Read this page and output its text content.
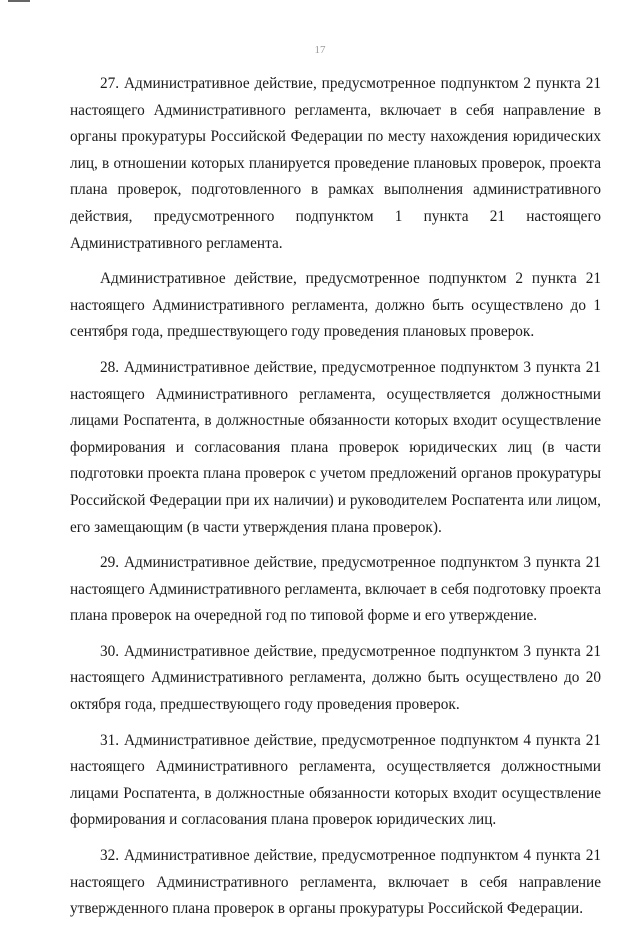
17

27. Административное действие, предусмотренное подпунктом 2 пункта 21 настоящего Административного регламента, включает в себя направление в органы прокуратуры Российской Федерации по месту нахождения юридических лиц, в отношении которых планируется проведение плановых проверок, проекта плана проверок, подготовленного в рамках выполнения административного действия, предусмотренного подпунктом 1 пункта 21 настоящего Административного регламента.

Административное действие, предусмотренное подпунктом 2 пункта 21 настоящего Административного регламента, должно быть осуществлено до 1 сентября года, предшествующего году проведения плановых проверок.

28. Административное действие, предусмотренное подпунктом 3 пункта 21 настоящего Административного регламента, осуществляется должностными лицами Роспатента, в должностные обязанности которых входит осуществление формирования и согласования плана проверок юридических лиц (в части подготовки проекта плана проверок с учетом предложений органов прокуратуры Российской Федерации при их наличии) и руководителем Роспатента или лицом, его замещающим (в части утверждения плана проверок).

29. Административное действие, предусмотренное подпунктом 3 пункта 21 настоящего Административного регламента, включает в себя подготовку проекта плана проверок на очередной год по типовой форме и его утверждение.

30. Административное действие, предусмотренное подпунктом 3 пункта 21 настоящего Административного регламента, должно быть осуществлено до 20 октября года, предшествующего году проведения проверок.

31. Административное действие, предусмотренное подпунктом 4 пункта 21 настоящего Административного регламента, осуществляется должностными лицами Роспатента, в должностные обязанности которых входит осуществление формирования и согласования плана проверок юридических лиц.

32. Административное действие, предусмотренное подпунктом 4 пункта 21 настоящего Административного регламента, включает в себя направление утвержденного плана проверок в органы прокуратуры Российской Федерации.
